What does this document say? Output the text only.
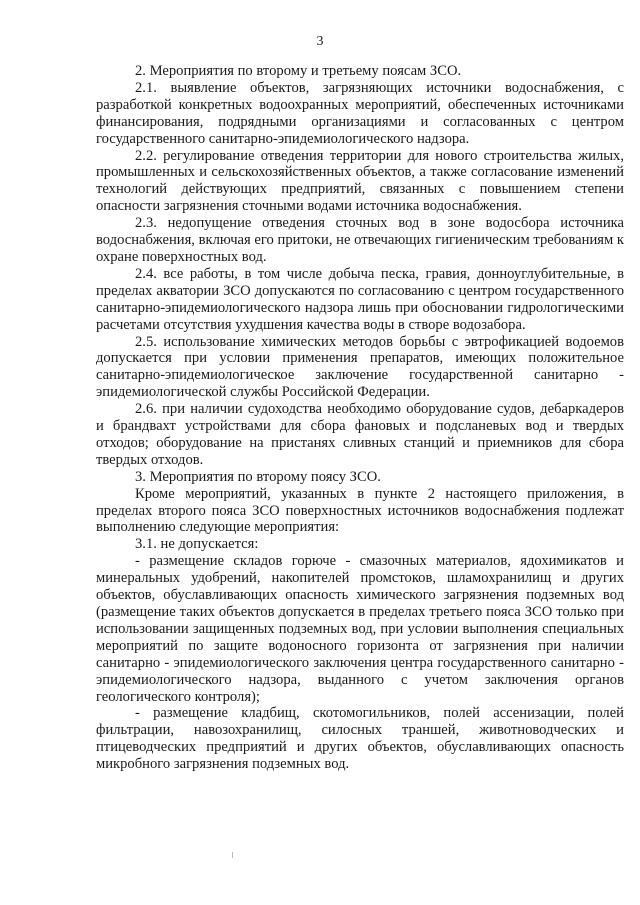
3

2. Мероприятия по второму и третьему поясам ЗСО.

2.1. выявление объектов, загрязняющих источники водоснабжения, с разработкой конкретных водоохранных мероприятий, обеспеченных источниками финансирования, подрядными организациями и согласованных с центром государственного санитарно-эпидемиологического надзора.

2.2. регулирование отведения территории для нового строительства жилых, промышленных и сельскохозяйственных объектов, а также согласование изменений технологий действующих предприятий, связанных с повышением степени опасности загрязнения сточными водами источника водоснабжения.

2.3. недопущение отведения сточных вод в зоне водосбора источника водоснабжения, включая его притоки, не отвечающих гигиеническим требованиям к охране поверхностных вод.

2.4. все работы, в том числе добыча песка, гравия, донноуглубительные, в пределах акватории ЗСО допускаются по согласованию с центром государственного санитарно-эпидемиологического надзора лишь при обосновании гидрологическими расчетами отсутствия ухудшения качества воды в створе водозабора.

2.5. использование химических методов борьбы с эвтрофикацией водоемов допускается при условии применения препаратов, имеющих положительное санитарно-эпидемиологическое заключение государственной санитарно - эпидемиологической службы Российской Федерации.

2.6. при наличии судоходства необходимо оборудование судов, дебаркадеров и брандвахт устройствами для сбора фановых и подсланевых вод и твердых отходов; оборудование на пристанях сливных станций и приемников для сбора твердых отходов.

3. Мероприятия по второму поясу ЗСО.

Кроме мероприятий, указанных в пункте 2 настоящего приложения, в пределах второго пояса ЗСО поверхностных источников водоснабжения подлежат выполнению следующие мероприятия:

3.1. не допускается:

- размещение складов горюче - смазочных материалов, ядохимикатов и минеральных удобрений, накопителей промстоков, шламохранилищ и других объектов, обуславливающих опасность химического загрязнения подземных вод (размещение таких объектов допускается в пределах третьего пояса ЗСО только при использовании защищенных подземных вод, при условии выполнения специальных мероприятий по защите водоносного горизонта от загрязнения при наличии санитарно - эпидемиологического заключения центра государственного санитарно - эпидемиологического надзора, выданного с учетом заключения органов геологического контроля);

- размещение кладбищ, скотомогильников, полей ассенизации, полей фильтрации, навозохранилищ, силосных траншей, животноводческих и птицеводческих предприятий и других объектов, обуславливающих опасность микробного загрязнения подземных вод.
